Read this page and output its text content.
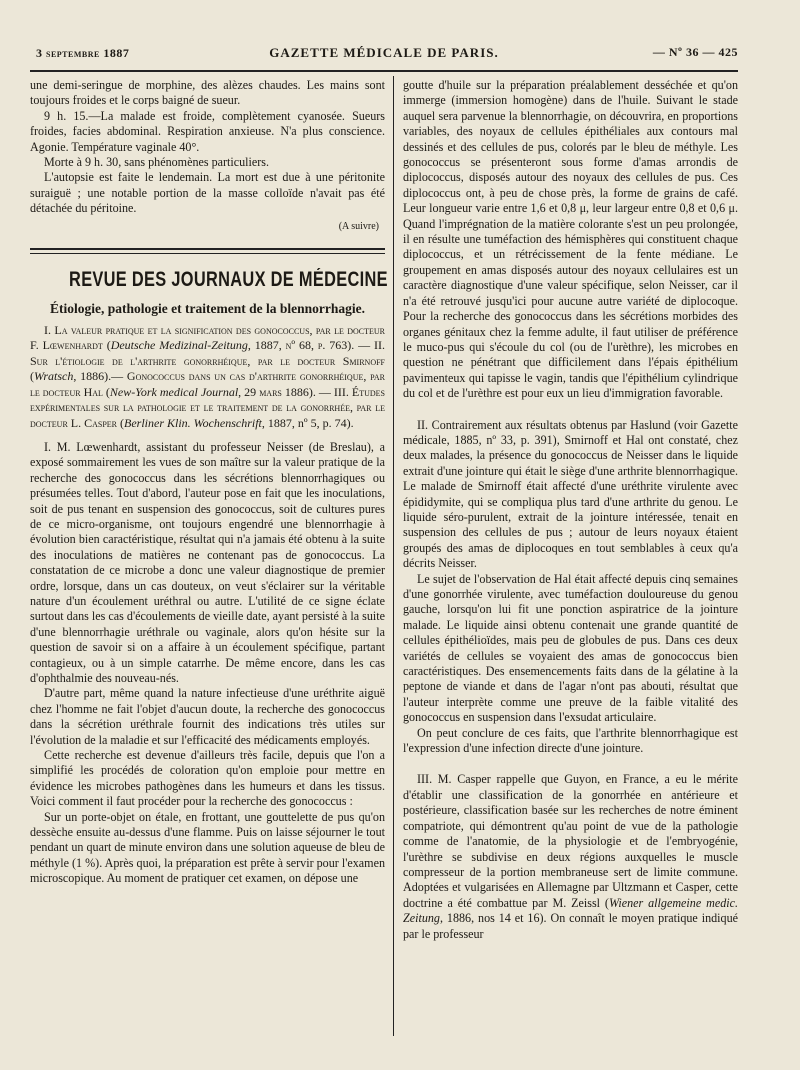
3 septembre 1887	GAZETTE MÉDICALE DE PARIS.	— Nº 36 — 425

une demi-seringue de morphine, des alèzes chaudes. Les mains sont toujours froides et le corps baigné de sueur.

9 h. 15.—La malade est froide, complètement cyanosée. Sueurs froides, facies abdominal. Respiration anxieuse. N'a plus conscience. Agonie. Température vaginale 40°.

Morte à 9 h. 30, sans phénomènes particuliers.

L'autopsie est faite le lendemain. La mort est due à une péritonite suraiguë ; une notable portion de la masse colloïde n'avait pas été détachée du péritoine.

(A suivre)

REVUE DES JOURNAUX DE MÉDECINE
Étiologie, pathologie et traitement de la blennorrhagie.

I. La valeur pratique et la signification des gonococcus, par le docteur F. Lœwenhardt (Deutsche Medizinal-Zeitung, 1887, nº 68, p. 763). — II. Sur l'étiologie de l'arthrite gonorrhéique, par le docteur Smirnoff (Wratsch, 1886).— Gonococcus dans un cas d'arthrite gonorrhéique, par le docteur Hal (New-York medical Journal, 29 mars 1886). — III. Études expérimentales sur la pathologie et le traitement de la gonorrhée, par le docteur L. Casper (Berliner Klin. Wochenschrift, 1887, nº 5, p. 74).

I. M. Lœwenhardt, assistant du professeur Neisser (de Breslau), a exposé sommairement les vues de son maître sur la valeur pratique de la recherche des gonococcus dans les sécrétions blennorrhagiques ou présumées telles. Tout d'abord, l'auteur pose en fait que les inoculations, soit de pus tenant en suspension des gonococcus, soit de cultures pures de ce micro-organisme, ont toujours engendré une blennorrhagie à évolution bien caractéristique, résultat qui n'a jamais été obtenu à la suite des inoculations de matières ne contenant pas de gonococcus. La constatation de ce microbe a donc une valeur diagnostique de premier ordre, lorsque, dans un cas douteux, on veut s'éclairer sur la véritable nature d'un écoulement uréthral ou autre. L'utilité de ce signe éclate surtout dans les cas d'écoulements de vieille date, ayant persisté à la suite d'une blennorrhagie uréthrale ou vaginale, alors qu'on hésite sur la question de savoir si on a affaire à un écoulement spécifique, partant contagieux, ou à un simple catarrhe. De même encore, dans les cas d'ophthalmie des nouveau-nés.

D'autre part, même quand la nature infectieuse d'une uréthrite aiguë chez l'homme ne fait l'objet d'aucun doute, la recherche des gonococcus dans la sécrétion uréthrale fournit des indications très utiles sur l'évolution de la maladie et sur l'efficacité des médicaments employés.

Cette recherche est devenue d'ailleurs très facile, depuis que l'on a simplifié les procédés de coloration qu'on emploie pour mettre en évidence les microbes pathogènes dans les humeurs et dans les tissus. Voici comment il faut procéder pour la recherche des gonococcus :

Sur un porte-objet on étale, en frottant, une gouttelette de pus qu'on dessèche ensuite au-dessus d'une flamme. Puis on laisse séjourner le tout pendant un quart de minute environ dans une solution aqueuse de bleu de méthyle (1 %). Après quoi, la préparation est prête à servir pour l'examen microscopique. Au moment de pratiquer cet examen, on dépose une

goutte d'huile sur la préparation préalablement desséchée et qu'on immerge (immersion homogène) dans de l'huile. Suivant le stade auquel sera parvenue la blennorrhagie, on découvrira, en proportions variables, des noyaux de cellules épithéliales aux contours mal dessinés et des cellules de pus, colorés par le bleu de méthyle. Les gonococcus se présenteront sous forme d'amas arrondis de diplococcus, disposés autour des noyaux des cellules de pus. Ces diplococcus ont, à peu de chose près, la forme de grains de café. Leur longueur varie entre 1,6 et 0,8 μ, leur largeur entre 0,8 et 0,6 μ. Quand l'imprégnation de la matière colorante s'est un peu prolongée, il en résulte une tuméfaction des hémisphères qui constituent chaque diplococcus, et un rétrécissement de la fente médiane. Le groupement en amas disposés autour des noyaux cellulaires est un caractère diagnostique d'une valeur spécifique, selon Neisser, car il n'a été retrouvé jusqu'ici pour aucune autre variété de diplocoque. Pour la recherche des gonococcus dans les sécrétions morbides des organes génitaux chez la femme adulte, il faut utiliser de préférence le muco-pus qui s'écoule du col (ou de l'urèthre), les microbes en question ne pénétrant que difficilement dans l'épais épithélium pavimenteux qui tapisse le vagin, tandis que l'épithélium cylindrique du col et de l'urèthre est pour eux un lieu d'immigration favorable.

II. Contrairement aux résultats obtenus par Haslund (voir Gazette médicale, 1885, nº 33, p. 391), Smirnoff et Hal ont constaté, chez deux malades, la présence du gonococcus de Neisser dans le liquide extrait d'une jointure qui était le siège d'une arthrite blennorrhagique. Le malade de Smirnoff était affecté d'une uréthrite virulente avec épididymite, qui se compliqua plus tard d'une arthrite du genou. Le liquide séro-purulent, extrait de la jointure intéressée, tenait en suspension des cellules de pus ; autour de leurs noyaux étaient groupés des amas de diplocoques en tout semblables à ceux qu'a décrits Neisser.

Le sujet de l'observation de Hal était affecté depuis cinq semaines d'une gonorrhée virulente, avec tuméfaction douloureuse du genou gauche, lorsqu'on lui fit une ponction aspiratrice de la jointure malade. Le liquide ainsi obtenu contenait une grande quantité de cellules épithélioïdes, mais peu de globules de pus. Dans ces deux variétés de cellules se voyaient des amas de gonococcus bien caractéristiques. Des ensemencements faits dans de la gélatine à la peptone de viande et dans de l'agar n'ont pas abouti, résultat que l'auteur interprète comme une preuve de la faible vitalité des gonococcus en suspension dans l'exsudat articulaire.

On peut conclure de ces faits, que l'arthrite blennorrhagique est l'expression d'une infection directe d'une jointure.

III. M. Casper rappelle que Guyon, en France, a eu le mérite d'établir une classification de la gonorrhée en antérieure et postérieure, classification basée sur les recherches de notre éminent compatriote, qui démontrent qu'au point de vue de la pathologie comme de l'anatomie, de la physiologie et de l'embryogénie, l'urèthre se subdivise en deux régions auxquelles le muscle compresseur de la portion membraneuse sert de limite commune. Adoptées et vulgarisées en Allemagne par Ultzmann et Casper, cette doctrine a été combattue par M. Zeissl (Wiener allgemeine medic. Zeitung, 1886, nos 14 et 16). On connaît le moyen pratique indiqué par le professeur
